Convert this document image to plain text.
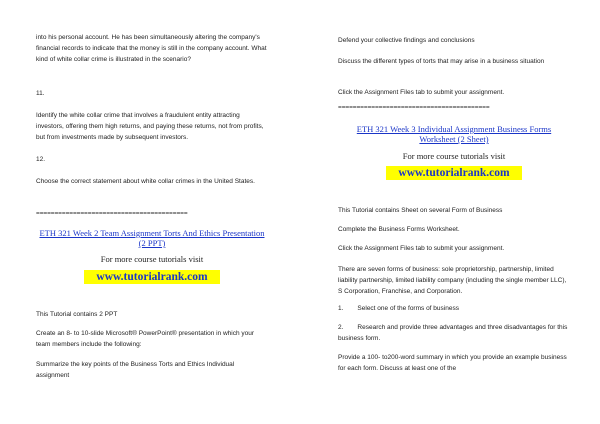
into his personal account. He has been simultaneously altering the company's financial records to indicate that the money is still in the company account. What kind of white collar crime is illustrated in the scenario?

11.

Identify the white collar crime that involves a fraudulent entity attracting investors, offering them high returns, and paying these returns, not from profits, but from investments made by subsequent investors.

12.

Choose the correct statement about white collar crimes in the United States.

=========================================
ETH 321 Week 2 Team Assignment Torts And Ethics Presentation (2 PPT)
For more course tutorials visit
www.tutorialrank.com

This Tutorial contains 2 PPT

Create an 8- to 10-slide Microsoft® PowerPoint® presentation in which your team members include the following:

Summarize the key points of the Business Torts and Ethics Individual assignment

Defend your collective findings and conclusions

Discuss the different types of torts that may arise in a business situation

Click the Assignment Files tab to submit your assignment.

=========================================
ETH 321 Week 3 Individual Assignment Business Forms Worksheet (2 Sheet)
For more course tutorials visit
www.tutorialrank.com

This Tutorial contains Sheet on several Form of Business

Complete the Business Forms Worksheet.

Click the Assignment Files tab to submit your assignment.

There are seven forms of business: sole proprietorship, partnership, limited liability partnership, limited liability company (including the single member LLC), S Corporation, Franchise, and Corporation.

1. Select one of the forms of business

2. Research and provide three advantages and three disadvantages for this business form.

Provide a 100- to200-word summary in which you provide an example business for each form. Discuss at least one of the
